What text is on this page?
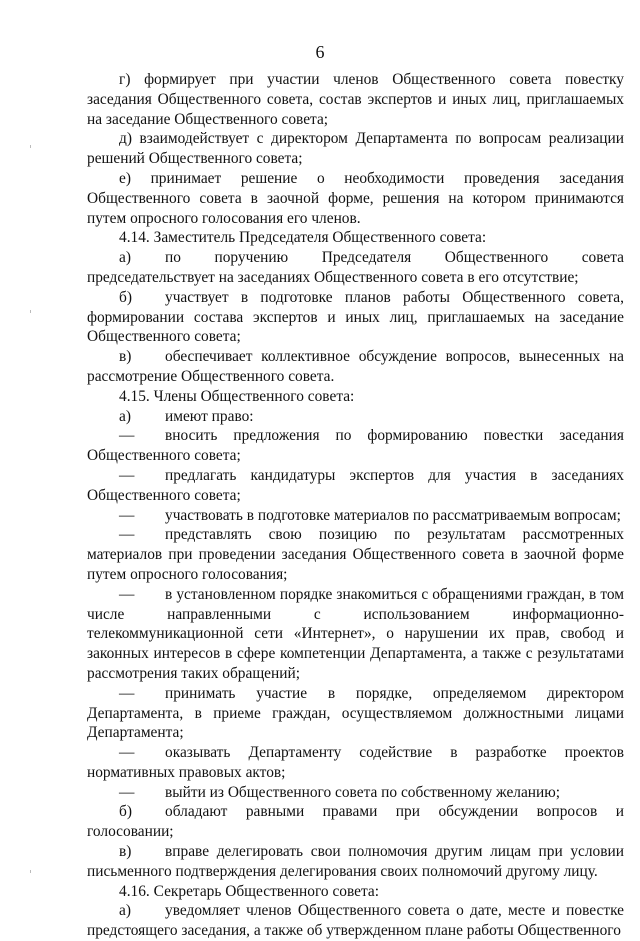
6

г) формирует при участии членов Общественного совета повестку заседания Общественного совета, состав экспертов и иных лиц, приглашаемых на заседание Общественного совета;

д) взаимодействует с директором Департамента по вопросам реализации решений Общественного совета;

е) принимает решение о необходимости проведения заседания Общественного совета в заочной форме, решения на котором принимаются путем опросного голосования его членов.

4.14. Заместитель Председателя Общественного совета:

а) по поручению Председателя Общественного совета председательствует на заседаниях Общественного совета в его отсутствие;

б) участвует в подготовке планов работы Общественного совета, формировании состава экспертов и иных лиц, приглашаемых на заседание Общественного совета;

в) обеспечивает коллективное обсуждение вопросов, вынесенных на рассмотрение Общественного совета.

4.15. Члены Общественного совета:

а) имеют право:

— вносить предложения по формированию повестки заседания Общественного совета;

— предлагать кандидатуры экспертов для участия в заседаниях Общественного совета;

— участвовать в подготовке материалов по рассматриваемым вопросам;

— представлять свою позицию по результатам рассмотренных материалов при проведении заседания Общественного совета в заочной форме путем опросного голосования;

— в установленном порядке знакомиться с обращениями граждан, в том числе направленными с использованием информационно-телекоммуникационной сети «Интернет», о нарушении их прав, свобод и законных интересов в сфере компетенции Департамента, а также с результатами рассмотрения таких обращений;

— принимать участие в порядке, определяемом директором Департамента, в приеме граждан, осуществляемом должностными лицами Департамента;

— оказывать Департаменту содействие в разработке проектов нормативных правовых актов;

— выйти из Общественного совета по собственному желанию;

б) обладают равными правами при обсуждении вопросов и голосовании;

в) вправе делегировать свои полномочия другим лицам при условии письменного подтверждения делегирования своих полномочий другому лицу.

4.16. Секретарь Общественного совета:

а) уведомляет членов Общественного совета о дате, месте и повестке предстоящего заседания, а также об утвержденном плане работы Общественного
